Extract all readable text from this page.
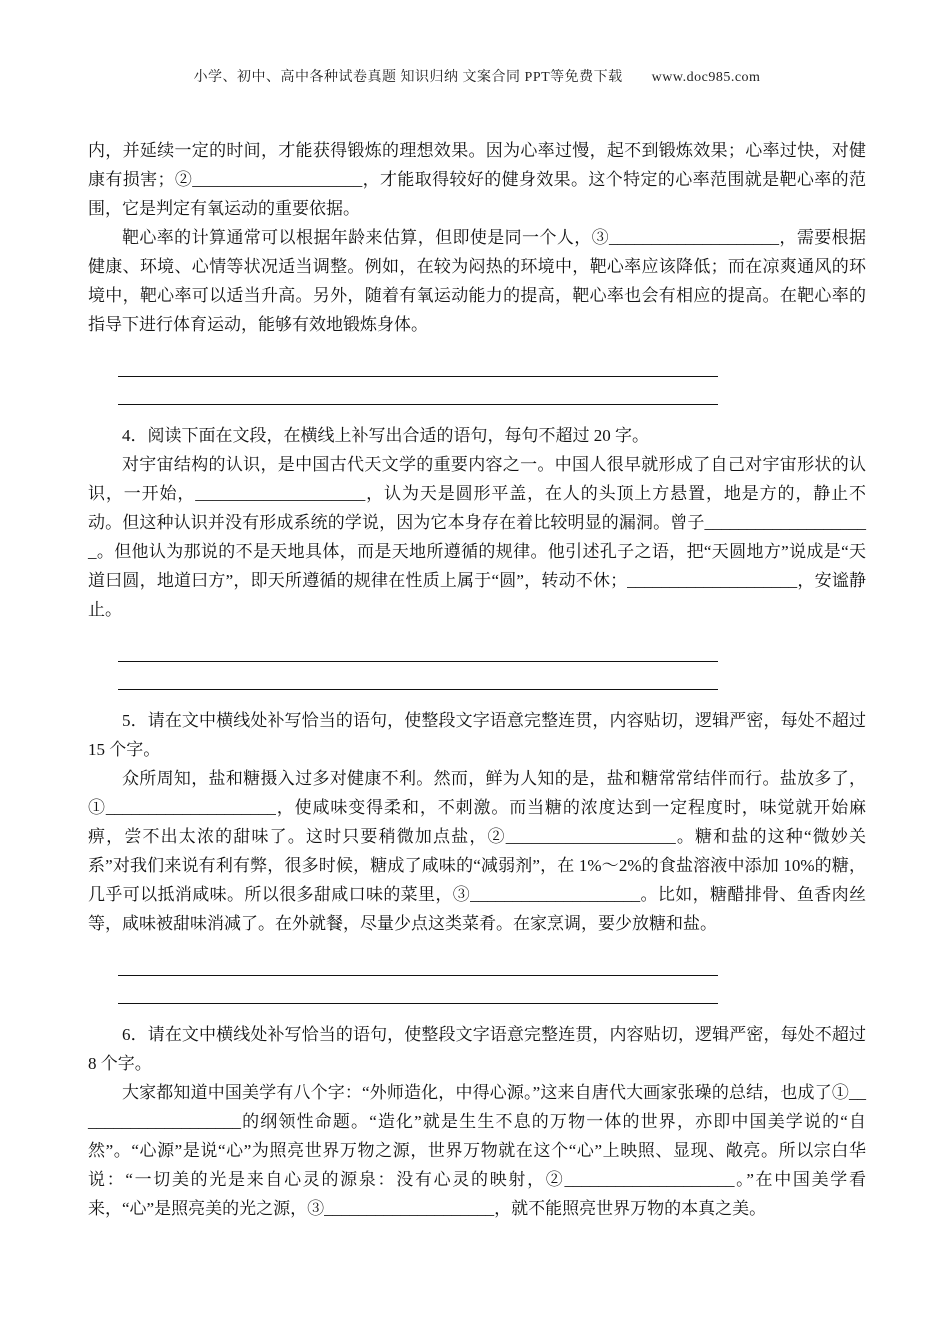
小学、初中、高中各种试卷真题 知识归纳 文案合同 PPT等免费下载　　www.doc985.com

内，并延续一定的时间，才能获得锻炼的理想效果。因为心率过慢，起不到锻炼效果；心率过快，对健康有损害；②____________________，才能取得较好的健身效果。这个特定的心率范围就是靶心率的范围，它是判定有氧运动的重要依据。

靶心率的计算通常可以根据年龄来估算，但即使是同一个人，③____________________，需要根据健康、环境、心情等状况适当调整。例如，在较为闷热的环境中，靶心率应该降低；而在凉爽通风的环境中，靶心率可以适当升高。另外，随着有氧运动能力的提高，靶心率也会有相应的提高。在靶心率的指导下进行体育运动，能够有效地锻炼身体。

4．阅读下面在文段，在横线上补写出合适的语句，每句不超过 20 字。

对宇宙结构的认识，是中国古代天文学的重要内容之一。中国人很早就形成了自己对宇宙形状的认识，一开始，____________________，认为天是圆形平盖，在人的头顶上方悬置，地是方的，静止不动。但这种认识并没有形成系统的学说，因为它本身存在着比较明显的漏洞。曾子____________________。但他认为那说的不是天地具体，而是天地所遵循的规律。他引述孔子之语，把“天圆地方”说成是“天道曰圆，地道曰方”，即天所遵循的规律在性质上属于“圆”，转动不休；____________________，安谧静止。

5．请在文中横线处补写恰当的语句，使整段文字语意完整连贯，内容贴切，逻辑严密，每处不超过 15 个字。

众所周知，盐和糖摄入过多对健康不利。然而，鲜为人知的是，盐和糖常常结伴而行。盐放多了，①____________________，使咸味变得柔和，不刺激。而当糖的浓度达到一定程度时，味觉就开始麻痹，尝不出太浓的甜味了。这时只要稍微加点盐，②____________________。糖和盐的这种“微妙关系”对我们来说有利有弊，很多时候，糖成了咸味的“减弱剂”，在 1%～2%的食盐溶液中添加 10%的糖，几乎可以抵消咸味。所以很多甜咸口味的菜里，③____________________。比如，糖醋排骨、鱼香肉丝等，咸味被甜味消减了。在外就餐，尽量少点这类菜肴。在家烹调，要少放糖和盐。

6．请在文中横线处补写恰当的语句，使整段文字语意完整连贯，内容贴切，逻辑严密，每处不超过 8 个字。

大家都知道中国美学有八个字：“外师造化，中得心源。”这来自唐代大画家张璪的总结，也成了①____________________的纲领性命题。“造化”就是生生不息的万物一体的世界，亦即中国美学说的“自然”。“心源”是说“心”为照亮世界万物之源，世界万物就在这个“心”上映照、显现、敞亮。所以宗白华说：“一切美的光是来自心灵的源泉：没有心灵的映射，②____________________。”在中国美学看来，“心”是照亮美的光之源，③____________________，就不能照亮世界万物的本真之美。
